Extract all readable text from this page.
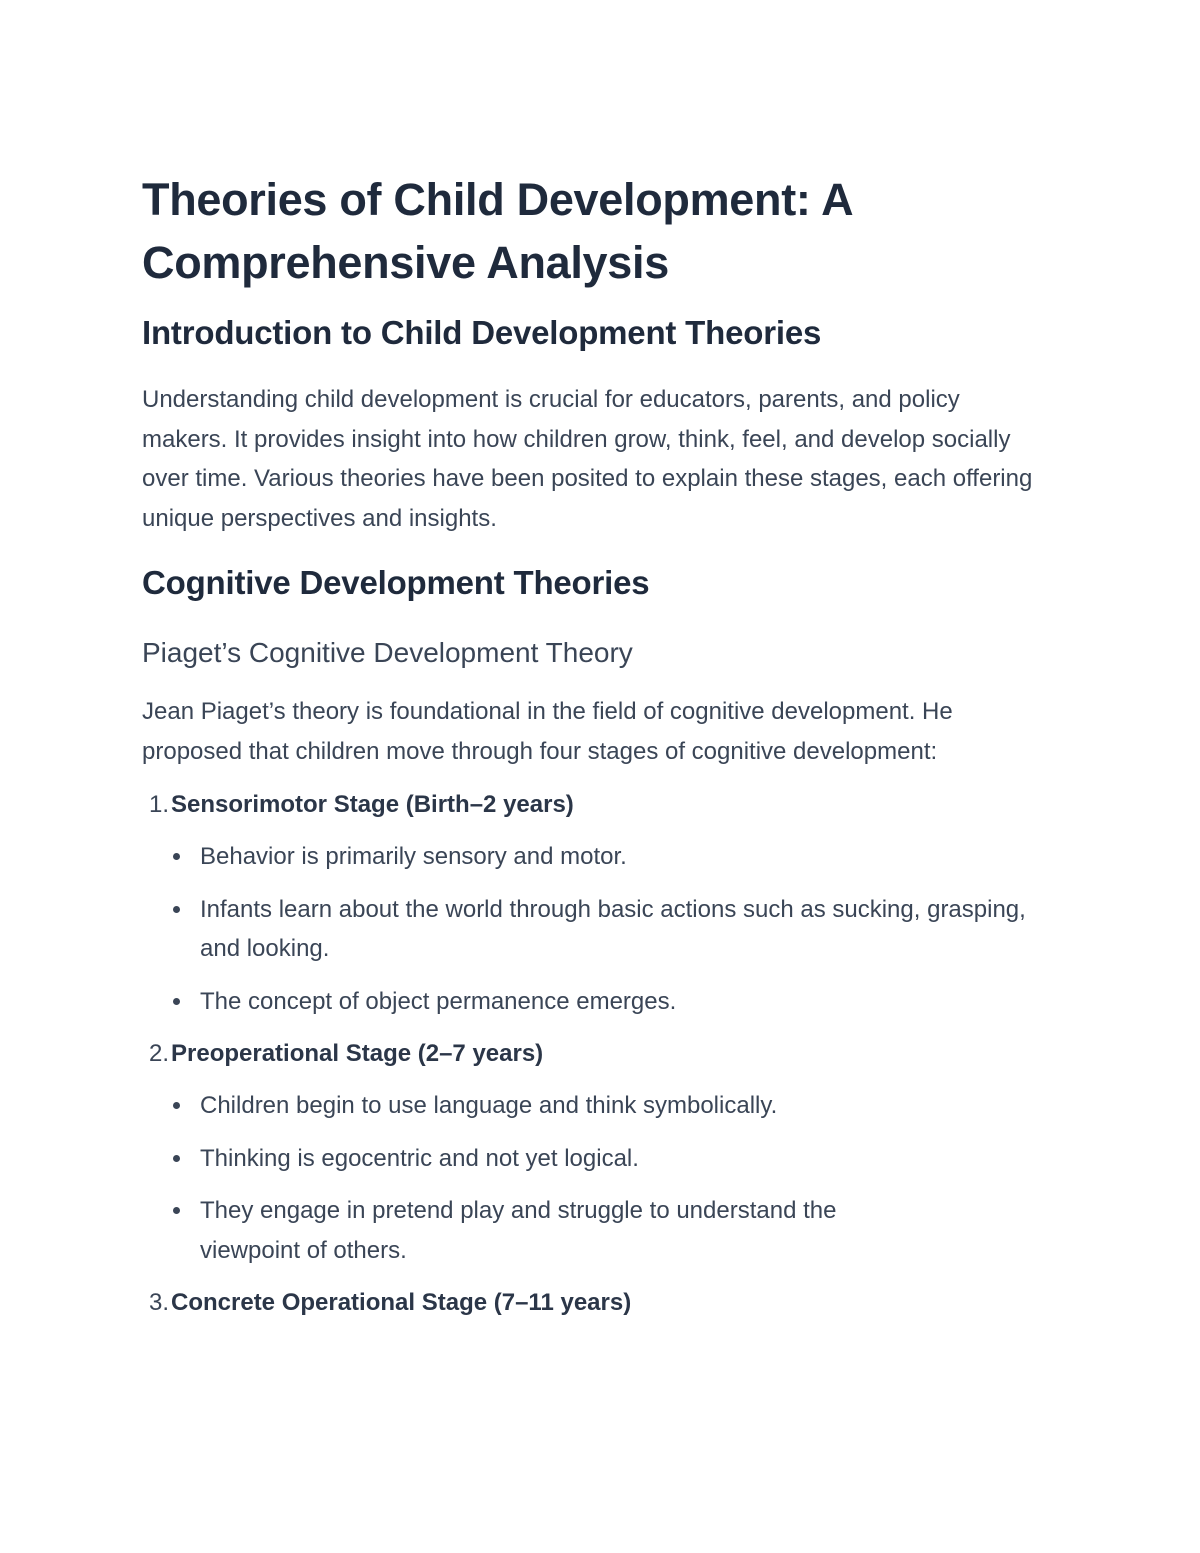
Theories of Child Development: A Comprehensive Analysis
Introduction to Child Development Theories

Understanding child development is crucial for educators, parents, and policy makers. It provides insight into how children grow, think, feel, and develop socially over time. Various theories have been posited to explain these stages, each offering unique perspectives and insights.

Cognitive Development Theories
Piaget’s Cognitive Development Theory

Jean Piaget’s theory is foundational in the field of cognitive development. He proposed that children move through four stages of cognitive development:

1. Sensorimotor Stage (Birth–2 years)
Behavior is primarily sensory and motor.
Infants learn about the world through basic actions such as sucking, grasping, and looking.
The concept of object permanence emerges.
2. Preoperational Stage (2–7 years)
Children begin to use language and think symbolically.
Thinking is egocentric and not yet logical.
They engage in pretend play and struggle to understand the viewpoint of others.
3. Concrete Operational Stage (7–11 years)
